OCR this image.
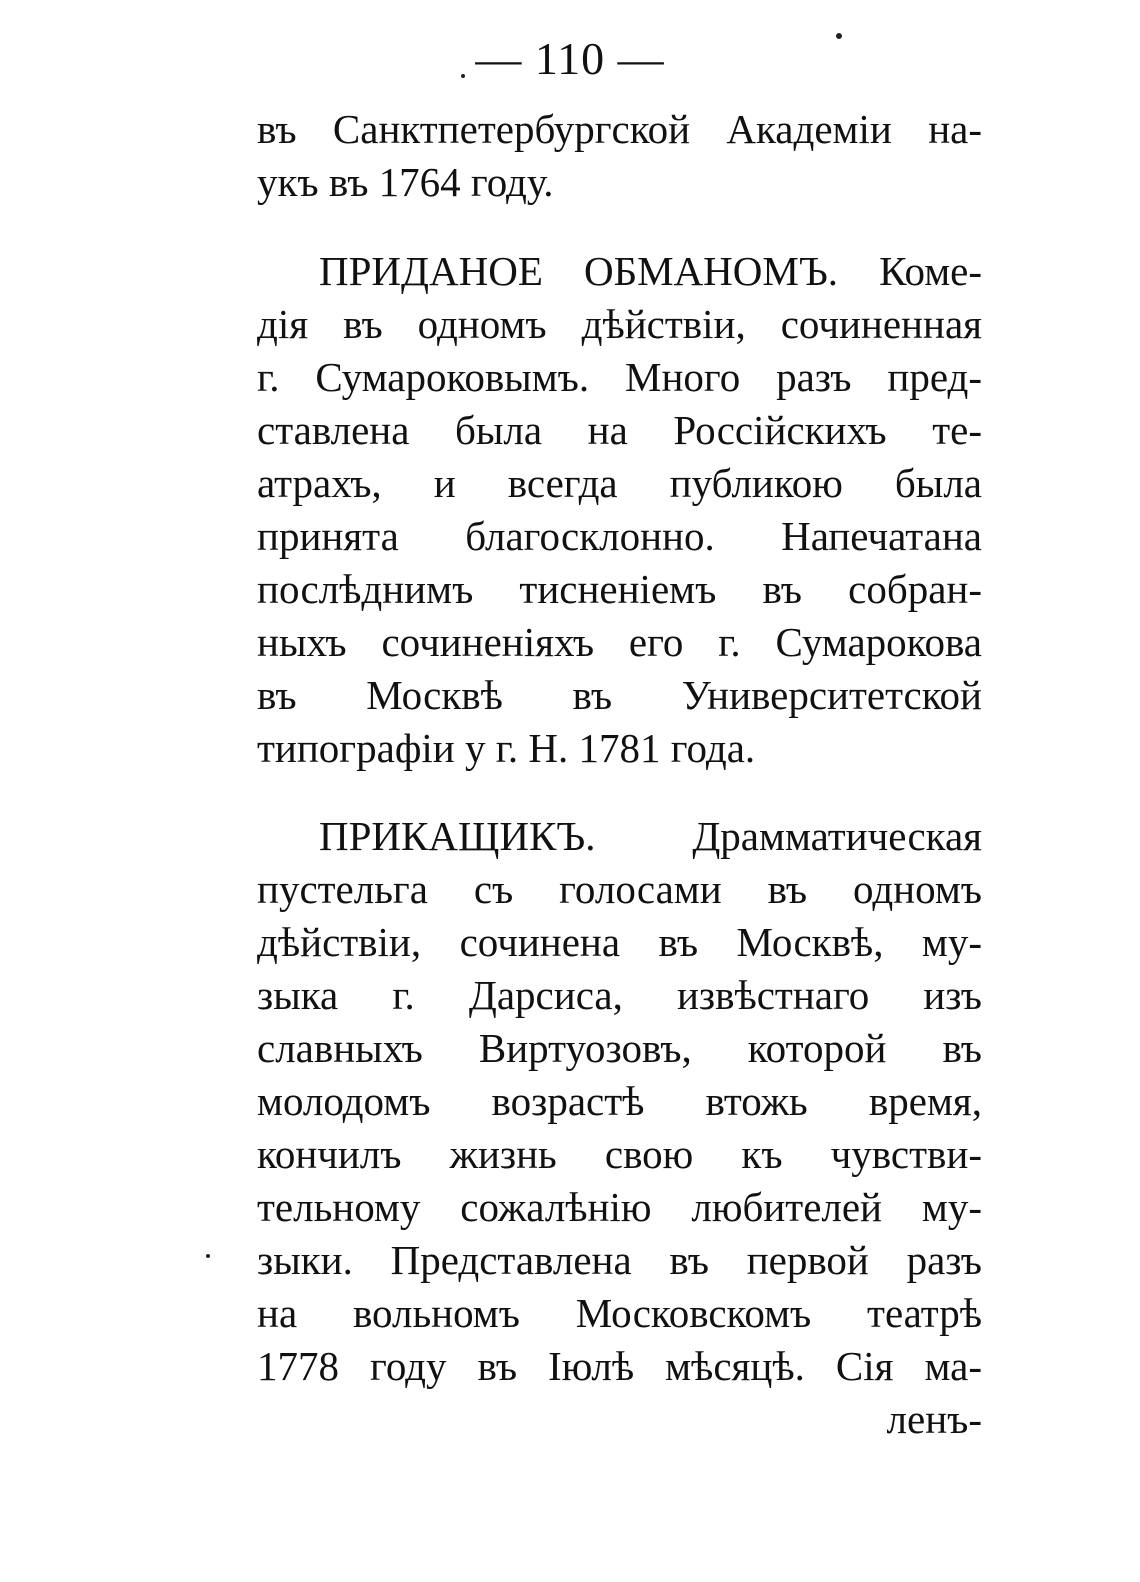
— 110 —
въ Санктпетербургской Академіи на-
укъ въ 1764 году.
ПРИДАНОЕ ОБМАНОМЪ. Коме-
дія въ одномъ дѣйствіи, сочиненная
г. Сумароковымъ. Много разъ пред-
ставлена была на Россійскихъ те-
атрахъ, и всегда публикою была
принята благосклонно. Напечатана
послѣднимъ тисненіемъ въ собран-
ныхъ сочиненіяхъ его г. Сумарокова
въ Москвѣ въ Университетской
типографіи у г. Н. 1781 года.
ПРИКАЩИКЪ. Драмматическая
пустельга съ голосами въ одномъ
дѣйствіи, сочинена въ Москвѣ, му-
зыка г. Дарсиса, извѣстнаго изъ
славныхъ Виртуозовъ, которой въ
молодомъ возрастѣ втожь время,
кончилъ жизнь свою къ чувстви-
тельному сожалѣнію любителей му-
зыки. Представлена въ первой разъ
на вольномъ Московскомъ театрѣ
1778 году въ Іюлѣ мѣсяцѣ. Сія ма-
ленъ-
